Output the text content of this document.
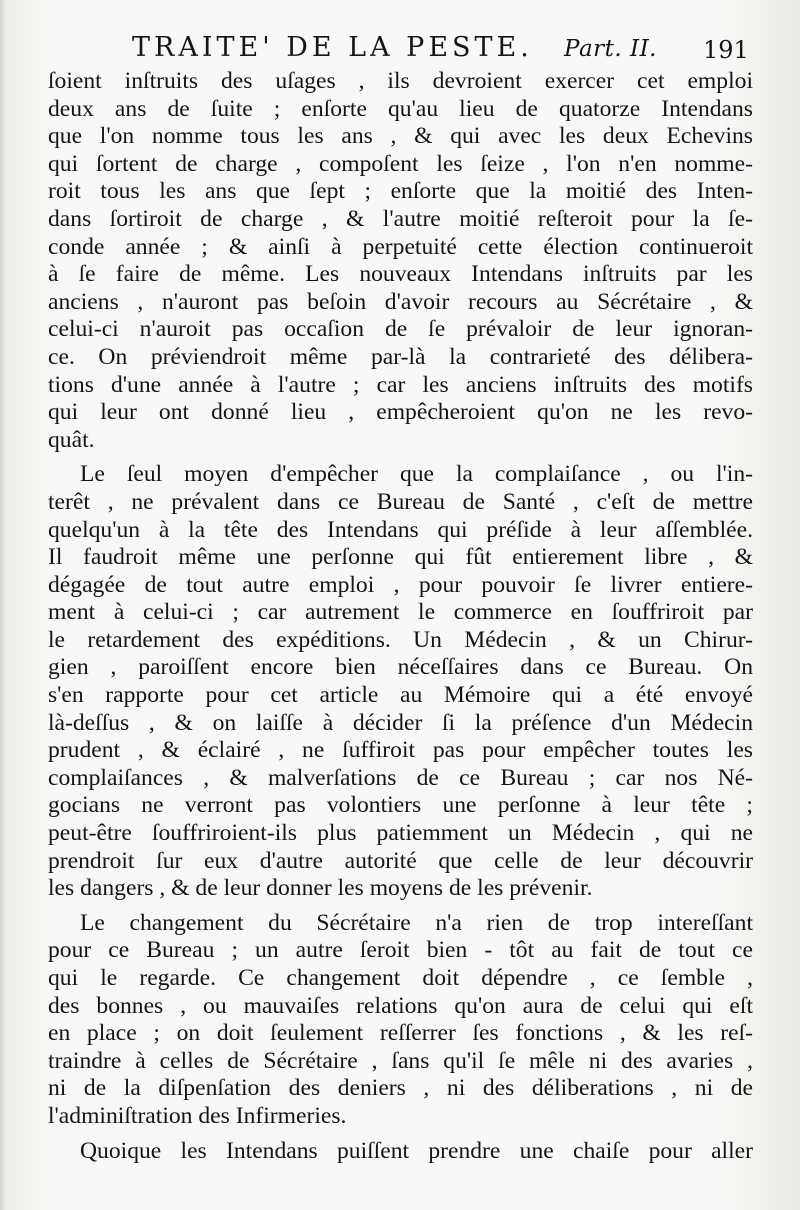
TRAITE' DE LA PESTE. Part. II. 191
ſoient inſtruits des uſages , ils devroient exercer cet emploi
deux ans de ſuite ; enſorte qu'au lieu de quatorze Intendans
que l'on nomme tous les ans , & qui avec les deux Echevins
qui ſortent de charge , compoſent les ſeize , l'on n'en nomme-
roit tous les ans que ſept ; enſorte que la moitié des Inten-
dans ſortiroit de charge , & l'autre moitié reſteroit pour la ſe-
conde année ; & ainſi à perpetuité cette élection continueroit
à ſe faire de même. Les nouveaux Intendans inſtruits par les
anciens , n'auront pas beſoin d'avoir recours au Sécrétaire , &
celui-ci n'auroit pas occaſion de ſe prévaloir de leur ignoran-
ce. On préviendroit même par-là la contrarieté des délibera-
tions d'une année à l'autre ; car les anciens inſtruits des motifs
qui leur ont donné lieu , empêcheroient qu'on ne les revo-
quât.
Le ſeul moyen d'empêcher que la complaiſance , ou l'in-
terêt , ne prévalent dans ce Bureau de Santé , c'eſt de mettre
quelqu'un à la tête des Intendans qui préſide à leur aſſemblée.
Il faudroit même une perſonne qui fût entierement libre , &
dégagée de tout autre emploi , pour pouvoir ſe livrer entiere-
ment à celui-ci ; car autrement le commerce en ſouffriroit par
le retardement des expéditions. Un Médecin , & un Chirur-
gien , paroiſſent encore bien néceſſaires dans ce Bureau. On
s'en rapporte pour cet article au Mémoire qui a été envoyé
là-deſſus , & on laiſſe à décider ſi la préſence d'un Médecin
prudent , & éclairé , ne ſuffiroit pas pour empêcher toutes les
complaiſances , & malverſations de ce Bureau ; car nos Né-
gocians ne verront pas volontiers une perſonne à leur tête ;
peut-être ſouffriroient-ils plus patiemment un Médecin , qui ne
prendroit ſur eux d'autre autorité que celle de leur découvrir
les dangers , & de leur donner les moyens de les prévenir.
Le changement du Sécrétaire n'a rien de trop intereſſant
pour ce Bureau ; un autre ſeroit bien - tôt au fait de tout ce
qui le regarde. Ce changement doit dépendre , ce ſemble ,
des bonnes , ou mauvaiſes relations qu'on aura de celui qui eſt
en place ; on doit ſeulement reſſerrer ſes fonctions , & les reſ-
traindre à celles de Sécrétaire , ſans qu'il ſe mêle ni des avaries ,
ni de la diſpenſation des deniers , ni des déliberations , ni de
l'adminiſtration des Infirmeries.
Quoique les Intendans puiſſent prendre une chaiſe pour aller
